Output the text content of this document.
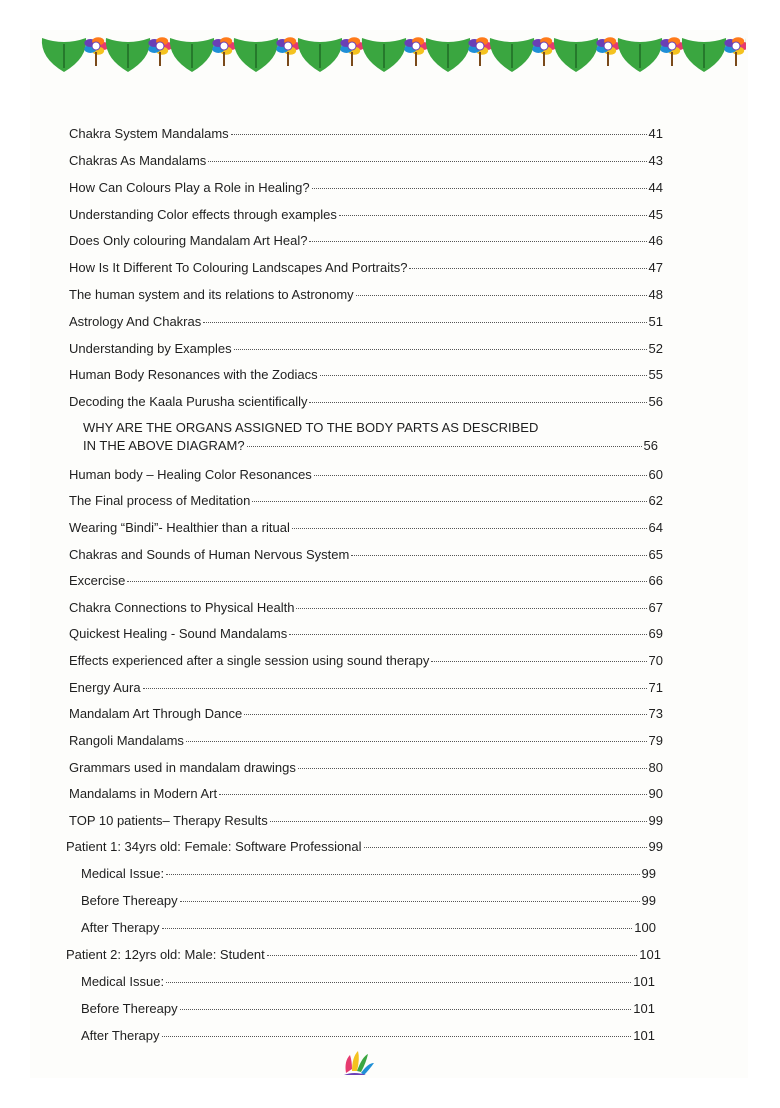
Chakra System Mandalams	41
Chakras As Mandalams	43
How Can Colours Play a Role in Healing?	44
Understanding Color effects through examples	45
Does Only colouring Mandalam Art Heal?	46
How Is It Different To Colouring Landscapes And Portraits?	47
The human system and its relations to Astronomy	48
Astrology And Chakras	51
Understanding by Examples	52
Human Body Resonances with the Zodiacs	55
Decoding the Kaala Purusha scientifically	56
WHY ARE THE ORGANS ASSIGNED TO THE BODY PARTS AS DESCRIBED
IN THE ABOVE DIAGRAM?	56
Human body – Healing Color Resonances	60
The Final process of Meditation	62
Wearing “Bindi”- Healthier than a ritual	64
Chakras and Sounds of Human Nervous System	65
Excercise	66
Chakra Connections to Physical Health	67
Quickest Healing - Sound Mandalams	69
Effects experienced after a single session using sound therapy	70
Energy Aura	71
Mandalam Art Through Dance	73
Rangoli Mandalams	79
Grammars used in mandalam drawings	80
Mandalams in Modern Art	90
TOP 10 patients– Therapy Results	99
Patient 1: 34yrs old: Female: Software Professional	99
Medical Issue:	99
Before Thereapy	99
After Therapy	100
Patient 2: 12yrs old: Male: Student	101
Medical Issue:	101
Before Thereapy	101
After Therapy	101
